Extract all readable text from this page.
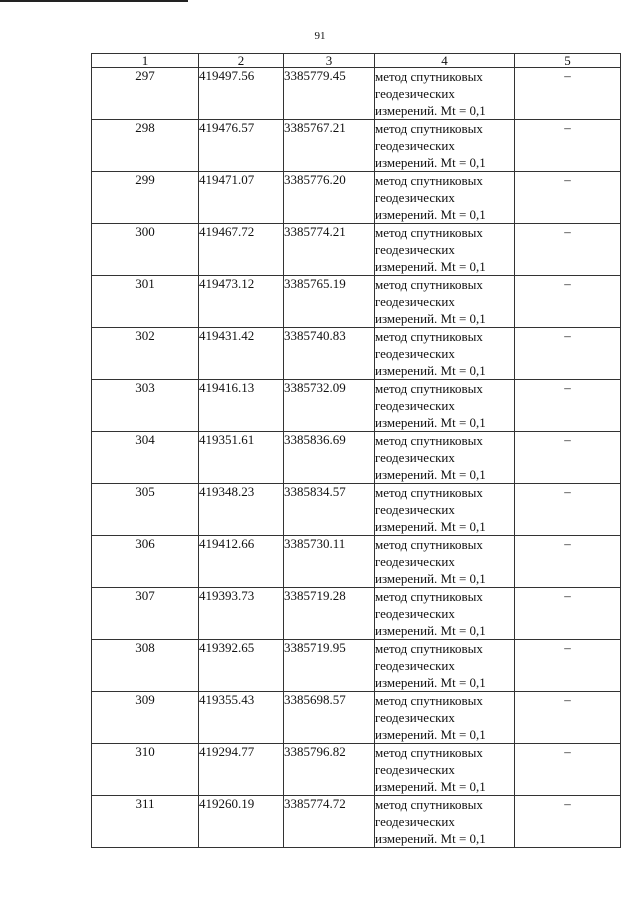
91
1	2	3	4	5
297	419497.56	3385779.45	метод спутниковых геодезических измерений. Mt = 0,1	–
298	419476.57	3385767.21	метод спутниковых геодезических измерений. Mt = 0,1	–
299	419471.07	3385776.20	метод спутниковых геодезических измерений. Mt = 0,1	–
300	419467.72	3385774.21	метод спутниковых геодезических измерений. Mt = 0,1	–
301	419473.12	3385765.19	метод спутниковых геодезических измерений. Mt = 0,1	–
302	419431.42	3385740.83	метод спутниковых геодезических измерений. Mt = 0,1	–
303	419416.13	3385732.09	метод спутниковых геодезических измерений. Mt = 0,1	–
304	419351.61	3385836.69	метод спутниковых геодезических измерений. Mt = 0,1	–
305	419348.23	3385834.57	метод спутниковых геодезических измерений. Mt = 0,1	–
306	419412.66	3385730.11	метод спутниковых геодезических измерений. Mt = 0,1	–
307	419393.73	3385719.28	метод спутниковых геодезических измерений. Mt = 0,1	–
308	419392.65	3385719.95	метод спутниковых геодезических измерений. Mt = 0,1	–
309	419355.43	3385698.57	метод спутниковых геодезических измерений. Mt = 0,1	–
310	419294.77	3385796.82	метод спутниковых геодезических измерений. Mt = 0,1	–
311	419260.19	3385774.72	метод спутниковых геодезических измерений. Mt = 0,1	–
